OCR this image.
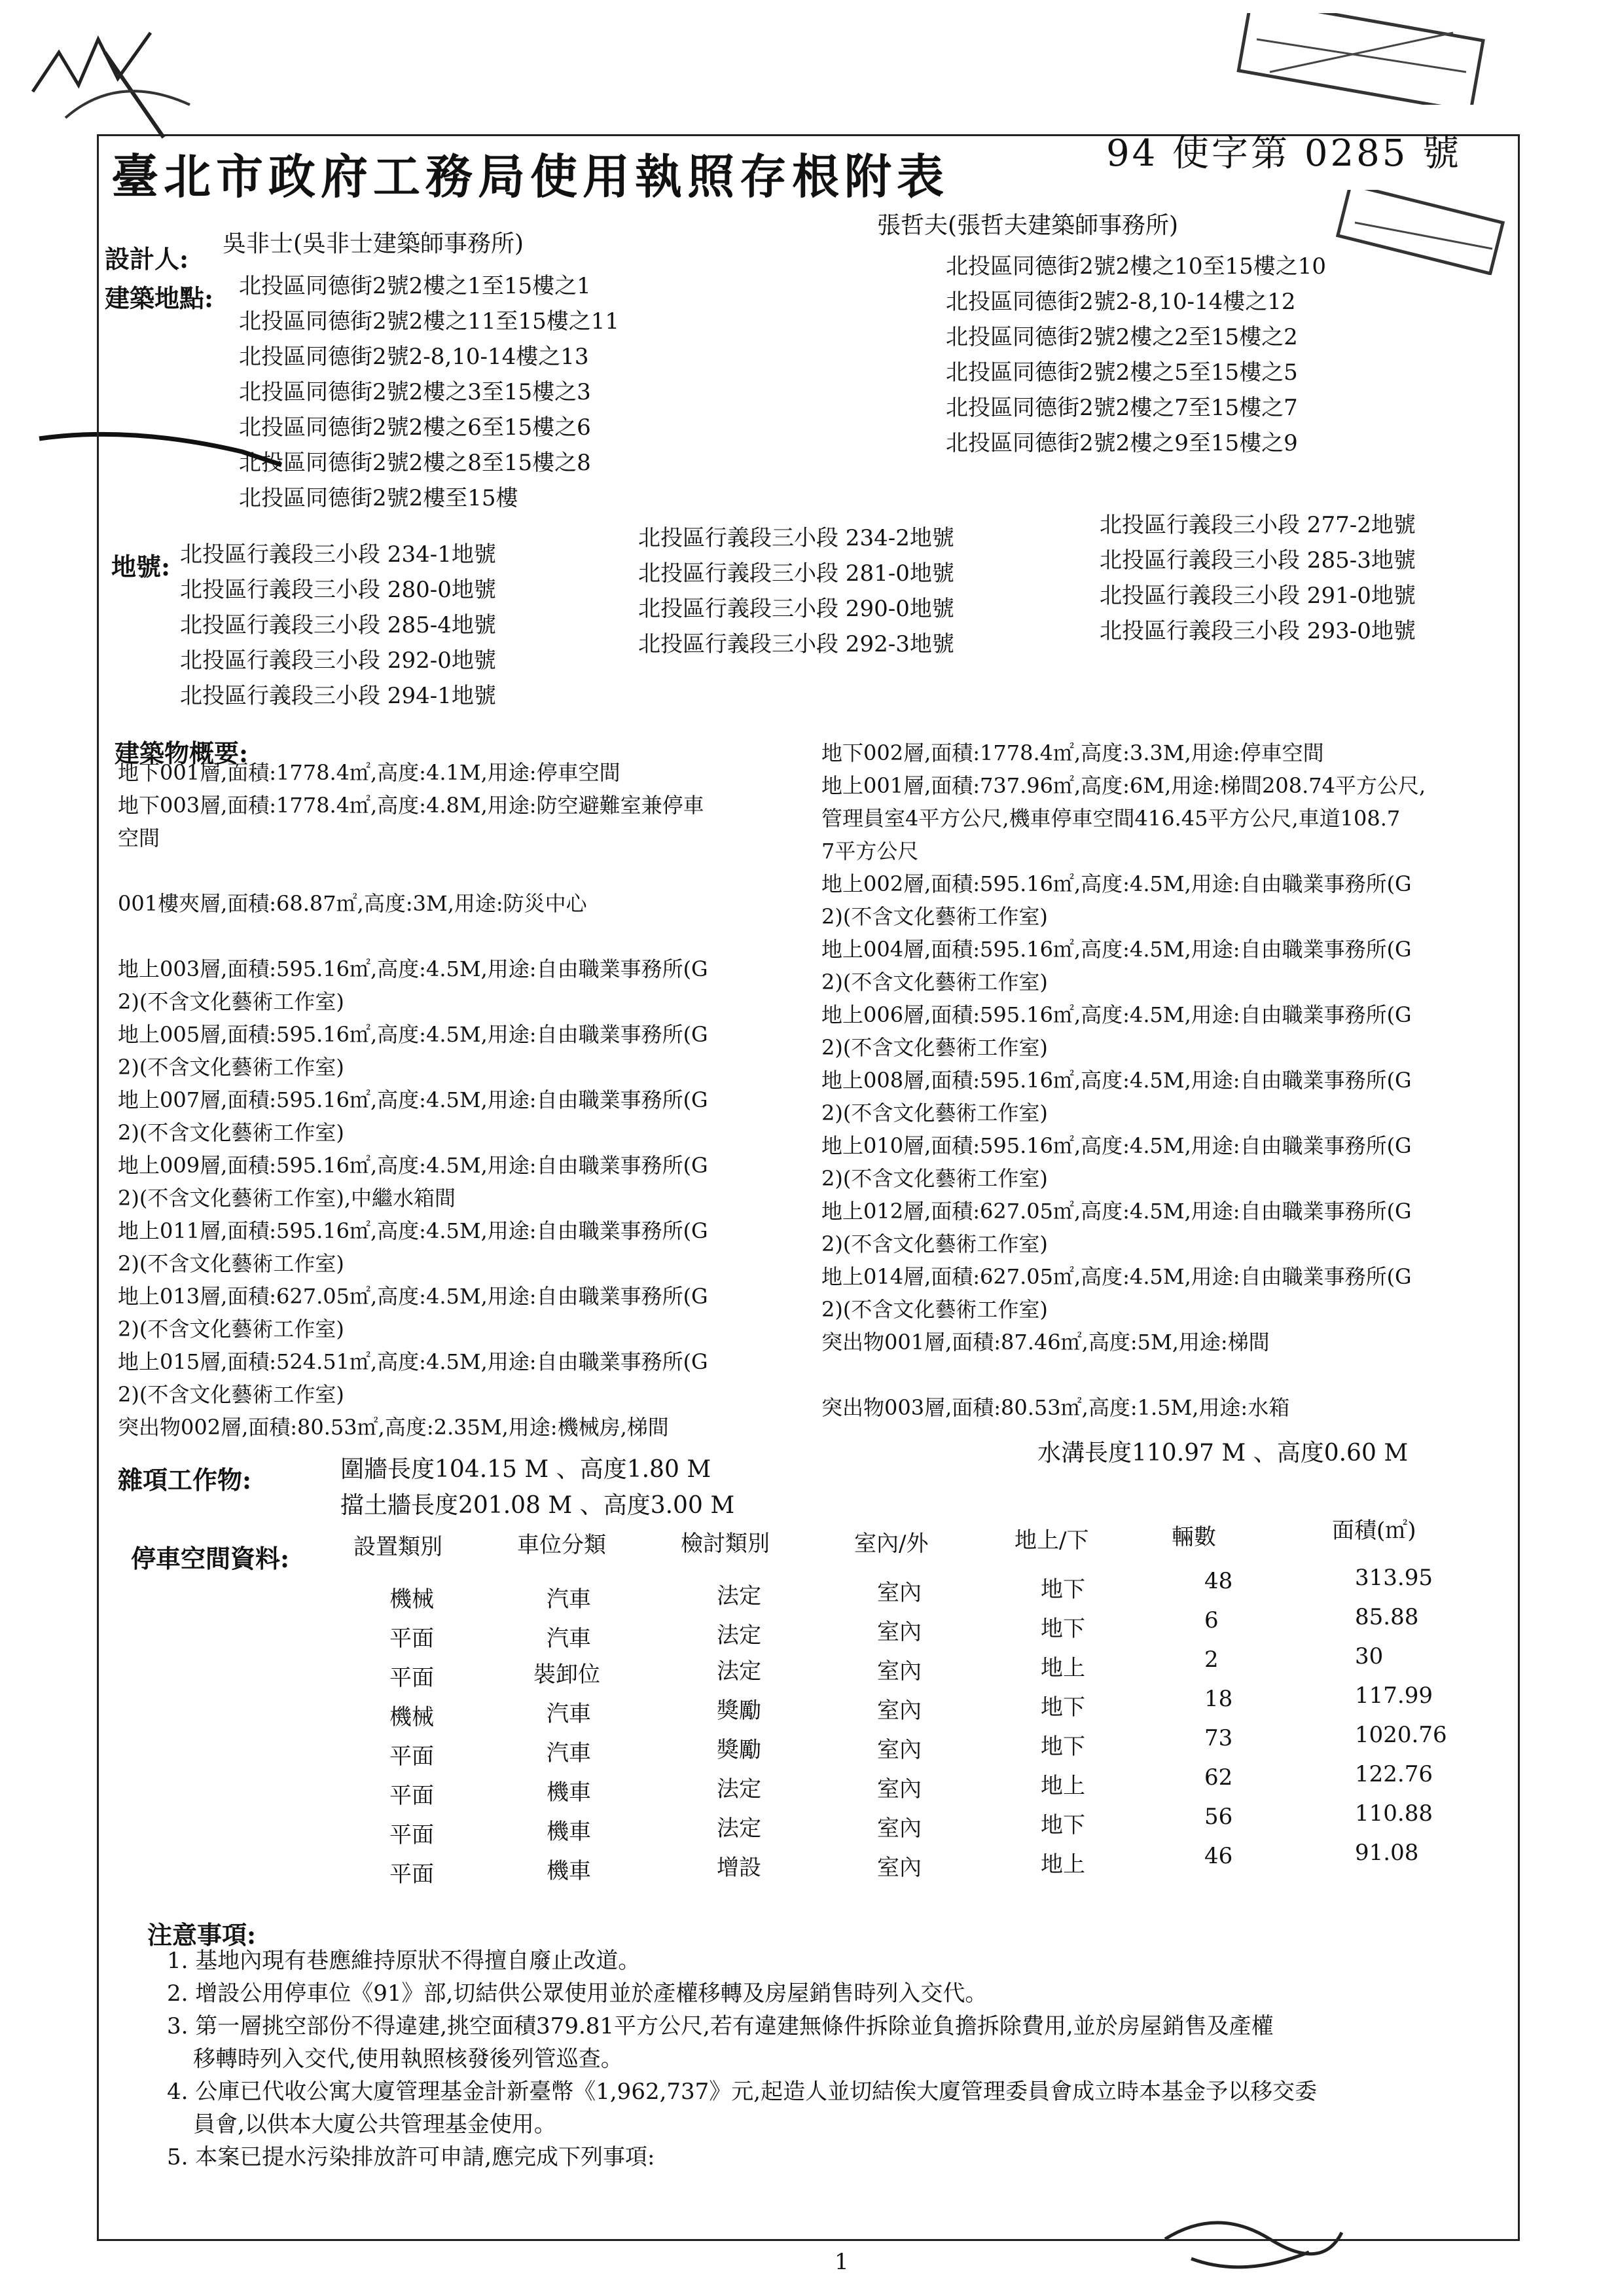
臺北市政府工務局使用執照存根附表	94 使字第 0285 號
設計人:
吳非士(吳非士建築師事務所)
張哲夫(張哲夫建築師事務所)
建築地點: 北投區同德街2號2樓之1至15樓之1
北投區同德街2號2樓之11至15樓之11
北投區同德街2號2-8,10-14樓之13
北投區同德街2號2樓之3至15樓之3
北投區同德街2號2樓之6至15樓之6
北投區同德街2號2樓之8至15樓之8
北投區同德街2號2樓至15樓
北投區同德街2號2樓之10至15樓之10
北投區同德街2號2-8,10-14樓之12
北投區同德街2號2樓之2至15樓之2
北投區同德街2號2樓之5至15樓之5
北投區同德街2號2樓之7至15樓之7
北投區同德街2號2樓之9至15樓之9
地號: 北投區行義段三小段 234-1地號
北投區行義段三小段 280-0地號
北投區行義段三小段 285-4地號
北投區行義段三小段 292-0地號
北投區行義段三小段 294-1地號
北投區行義段三小段 234-2地號
北投區行義段三小段 281-0地號
北投區行義段三小段 290-0地號
北投區行義段三小段 292-3地號
北投區行義段三小段 277-2地號
北投區行義段三小段 285-3地號
北投區行義段三小段 291-0地號
北投區行義段三小段 293-0地號
建築物概要:
地下001層,面積:1778.4㎡,高度:4.1M,用途:停車空間
地下003層,面積:1778.4㎡,高度:4.8M,用途:防空避難室兼停車
空間

001樓夾層,面積:68.87㎡,高度:3M,用途:防災中心

地上003層,面積:595.16㎡,高度:4.5M,用途:自由職業事務所(G
2)(不含文化藝術工作室)
地上005層,面積:595.16㎡,高度:4.5M,用途:自由職業事務所(G
2)(不含文化藝術工作室)
地上007層,面積:595.16㎡,高度:4.5M,用途:自由職業事務所(G
2)(不含文化藝術工作室)
地上009層,面積:595.16㎡,高度:4.5M,用途:自由職業事務所(G
2)(不含文化藝術工作室),中繼水箱間
地上011層,面積:595.16㎡,高度:4.5M,用途:自由職業事務所(G
2)(不含文化藝術工作室)
地上013層,面積:627.05㎡,高度:4.5M,用途:自由職業事務所(G
2)(不含文化藝術工作室)
地上015層,面積:524.51㎡,高度:4.5M,用途:自由職業事務所(G
2)(不含文化藝術工作室)
突出物002層,面積:80.53㎡,高度:2.35M,用途:機械房,梯間
地下002層,面積:1778.4㎡,高度:3.3M,用途:停車空間
地上001層,面積:737.96㎡,高度:6M,用途:梯間208.74平方公尺,
管理員室4平方公尺,機車停車空間416.45平方公尺,車道108.7
7平方公尺
地上002層,面積:595.16㎡,高度:4.5M,用途:自由職業事務所(G
2)(不含文化藝術工作室)
地上004層,面積:595.16㎡,高度:4.5M,用途:自由職業事務所(G
2)(不含文化藝術工作室)
地上006層,面積:595.16㎡,高度:4.5M,用途:自由職業事務所(G
2)(不含文化藝術工作室)
地上008層,面積:595.16㎡,高度:4.5M,用途:自由職業事務所(G
2)(不含文化藝術工作室)
地上010層,面積:595.16㎡,高度:4.5M,用途:自由職業事務所(G
2)(不含文化藝術工作室)
地上012層,面積:627.05㎡,高度:4.5M,用途:自由職業事務所(G
2)(不含文化藝術工作室)
地上014層,面積:627.05㎡,高度:4.5M,用途:自由職業事務所(G
2)(不含文化藝術工作室)
突出物001層,面積:87.46㎡,高度:5M,用途:梯間

突出物003層,面積:80.53㎡,高度:1.5M,用途:水箱
雜項工作物:	圍牆長度104.15 M 、高度1.80 M
擋土牆長度201.08 M 、高度3.00 M
水溝長度110.97 M 、高度0.60 M
停車空間資料:	設置類別	車位分類	檢討類別	室內/外	地上/下	輛數	面積(㎡)
機械	汽車	法定	室內	地下	48	313.95
平面	汽車	法定	室內	地下	6	85.88
平面	裝卸位	法定	室內	地上	2	30
機械	汽車	獎勵	室內	地下	18	117.99
平面	汽車	獎勵	室內	地下	73	1020.76
平面	機車	法定	室內	地上	62	122.76
平面	機車	法定	室內	地下	56	110.88
平面	機車	增設	室內	地上	46	91.08
注意事項:
1. 基地內現有巷應維持原狀不得擅自廢止改道。
2. 增設公用停車位《91》部,切結供公眾使用並於產權移轉及房屋銷售時列入交代。
3. 第一層挑空部份不得違建,挑空面積379.81平方公尺,若有違建無條件拆除並負擔拆除費用,並於房屋銷售及產權
移轉時列入交代,使用執照核發後列管巡查。
4. 公庫已代收公寓大廈管理基金計新臺幣《1,962,737》元,起造人並切結俟大廈管理委員會成立時本基金予以移交委
員會,以供本大廈公共管理基金使用。
5. 本案已提水污染排放許可申請,應完成下列事項:
1
